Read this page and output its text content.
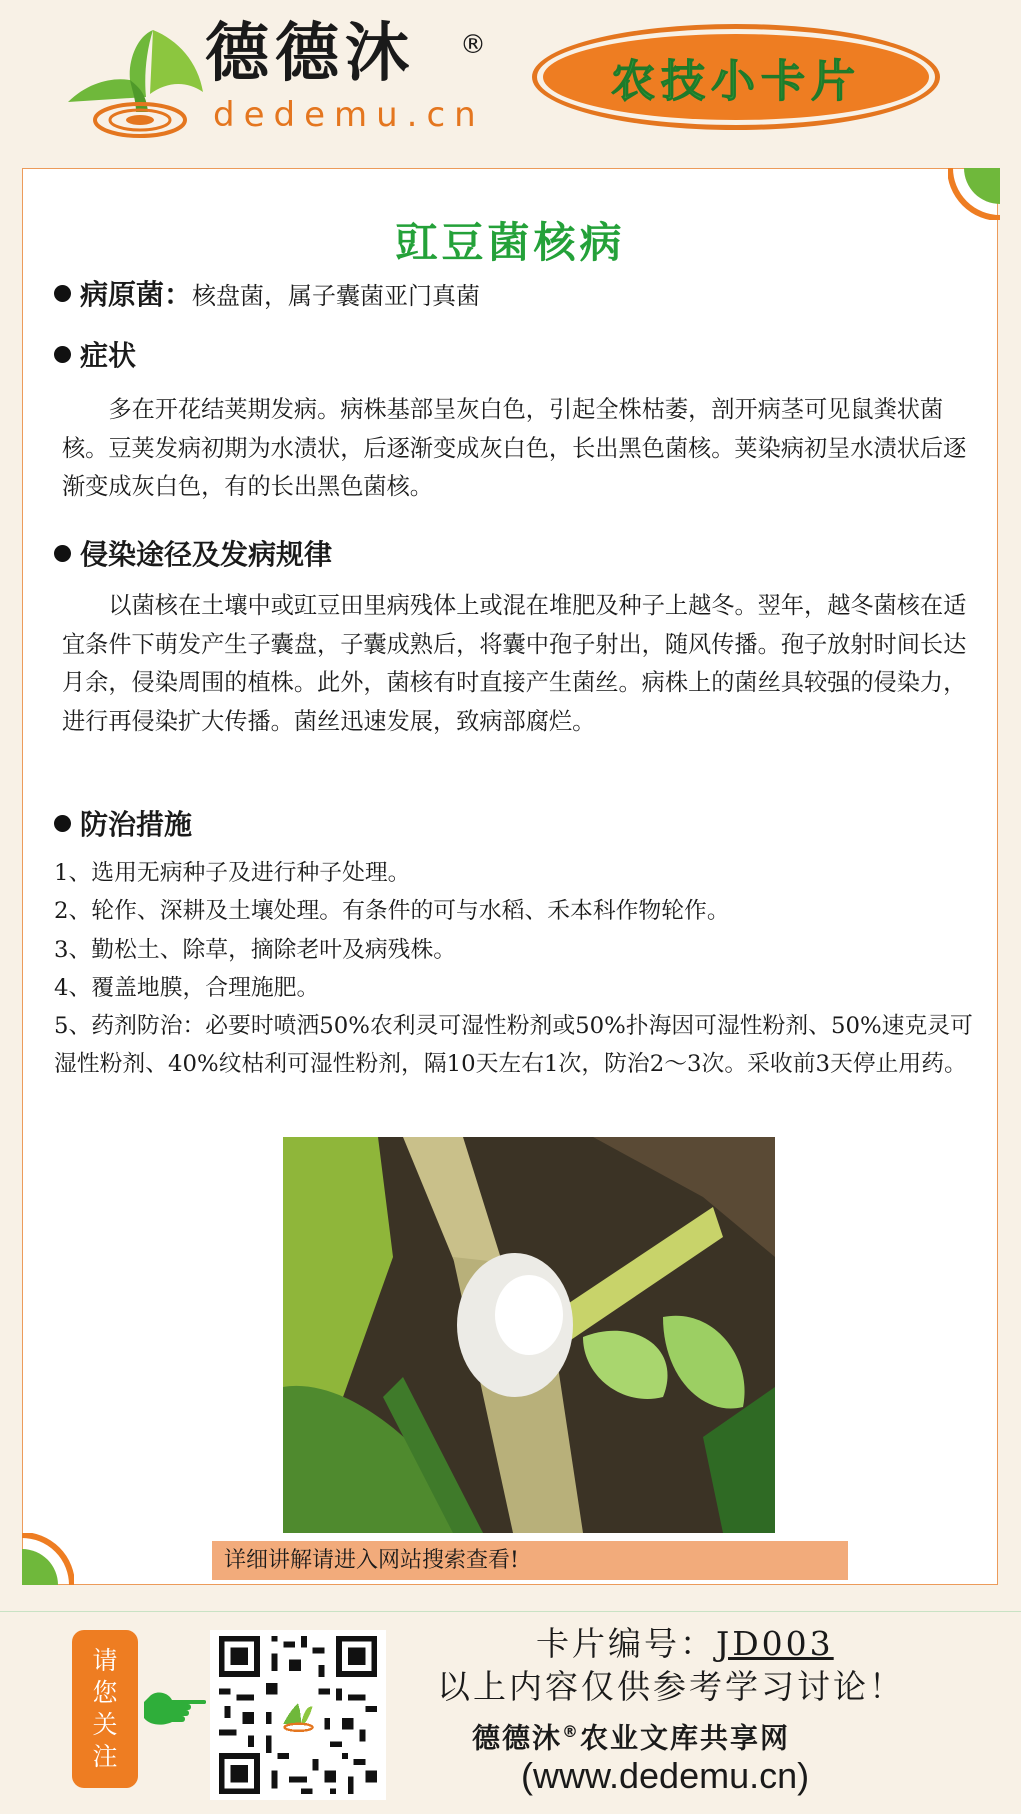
德德沐 ®
dedemu.cn
农技小卡片
豇豆菌核病
病原菌：核盘菌，属子囊菌亚门真菌
症状

多在开花结荚期发病。病株基部呈灰白色，引起全株枯萎，剖开病茎可见鼠粪状菌核。豆荚发病初期为水渍状，后逐渐变成灰白色，长出黑色菌核。荚染病初呈水渍状后逐渐变成灰白色，有的长出黑色菌核。

侵染途径及发病规律

以菌核在土壤中或豇豆田里病残体上或混在堆肥及种子上越冬。翌年，越冬菌核在适宜条件下萌发产生子囊盘，子囊成熟后，将囊中孢子射出，随风传播。孢子放射时间长达月余，侵染周围的植株。此外，菌核有时直接产生菌丝。病株上的菌丝具较强的侵染力，进行再侵染扩大传播。菌丝迅速发展，致病部腐烂。

防治措施
1、选用无病种子及进行种子处理。
2、轮作、深耕及土壤处理。有条件的可与水稻、禾本科作物轮作。
3、勤松土、除草，摘除老叶及病残株。
4、覆盖地膜，合理施肥。
5、药剂防治：必要时喷洒50%农利灵可湿性粉剂或50%扑海因可湿性粉剂、50%速克灵可湿性粉剂、40%纹枯利可湿性粉剂，隔10天左右1次，防治2～3次。采收前3天停止用药。
详细讲解请进入网站搜索查看!
请
您
关
注
卡片编号：JD003
以上内容仅供参考学习讨论！
德德沐®农业文库共享网
(www.dedemu.cn)
